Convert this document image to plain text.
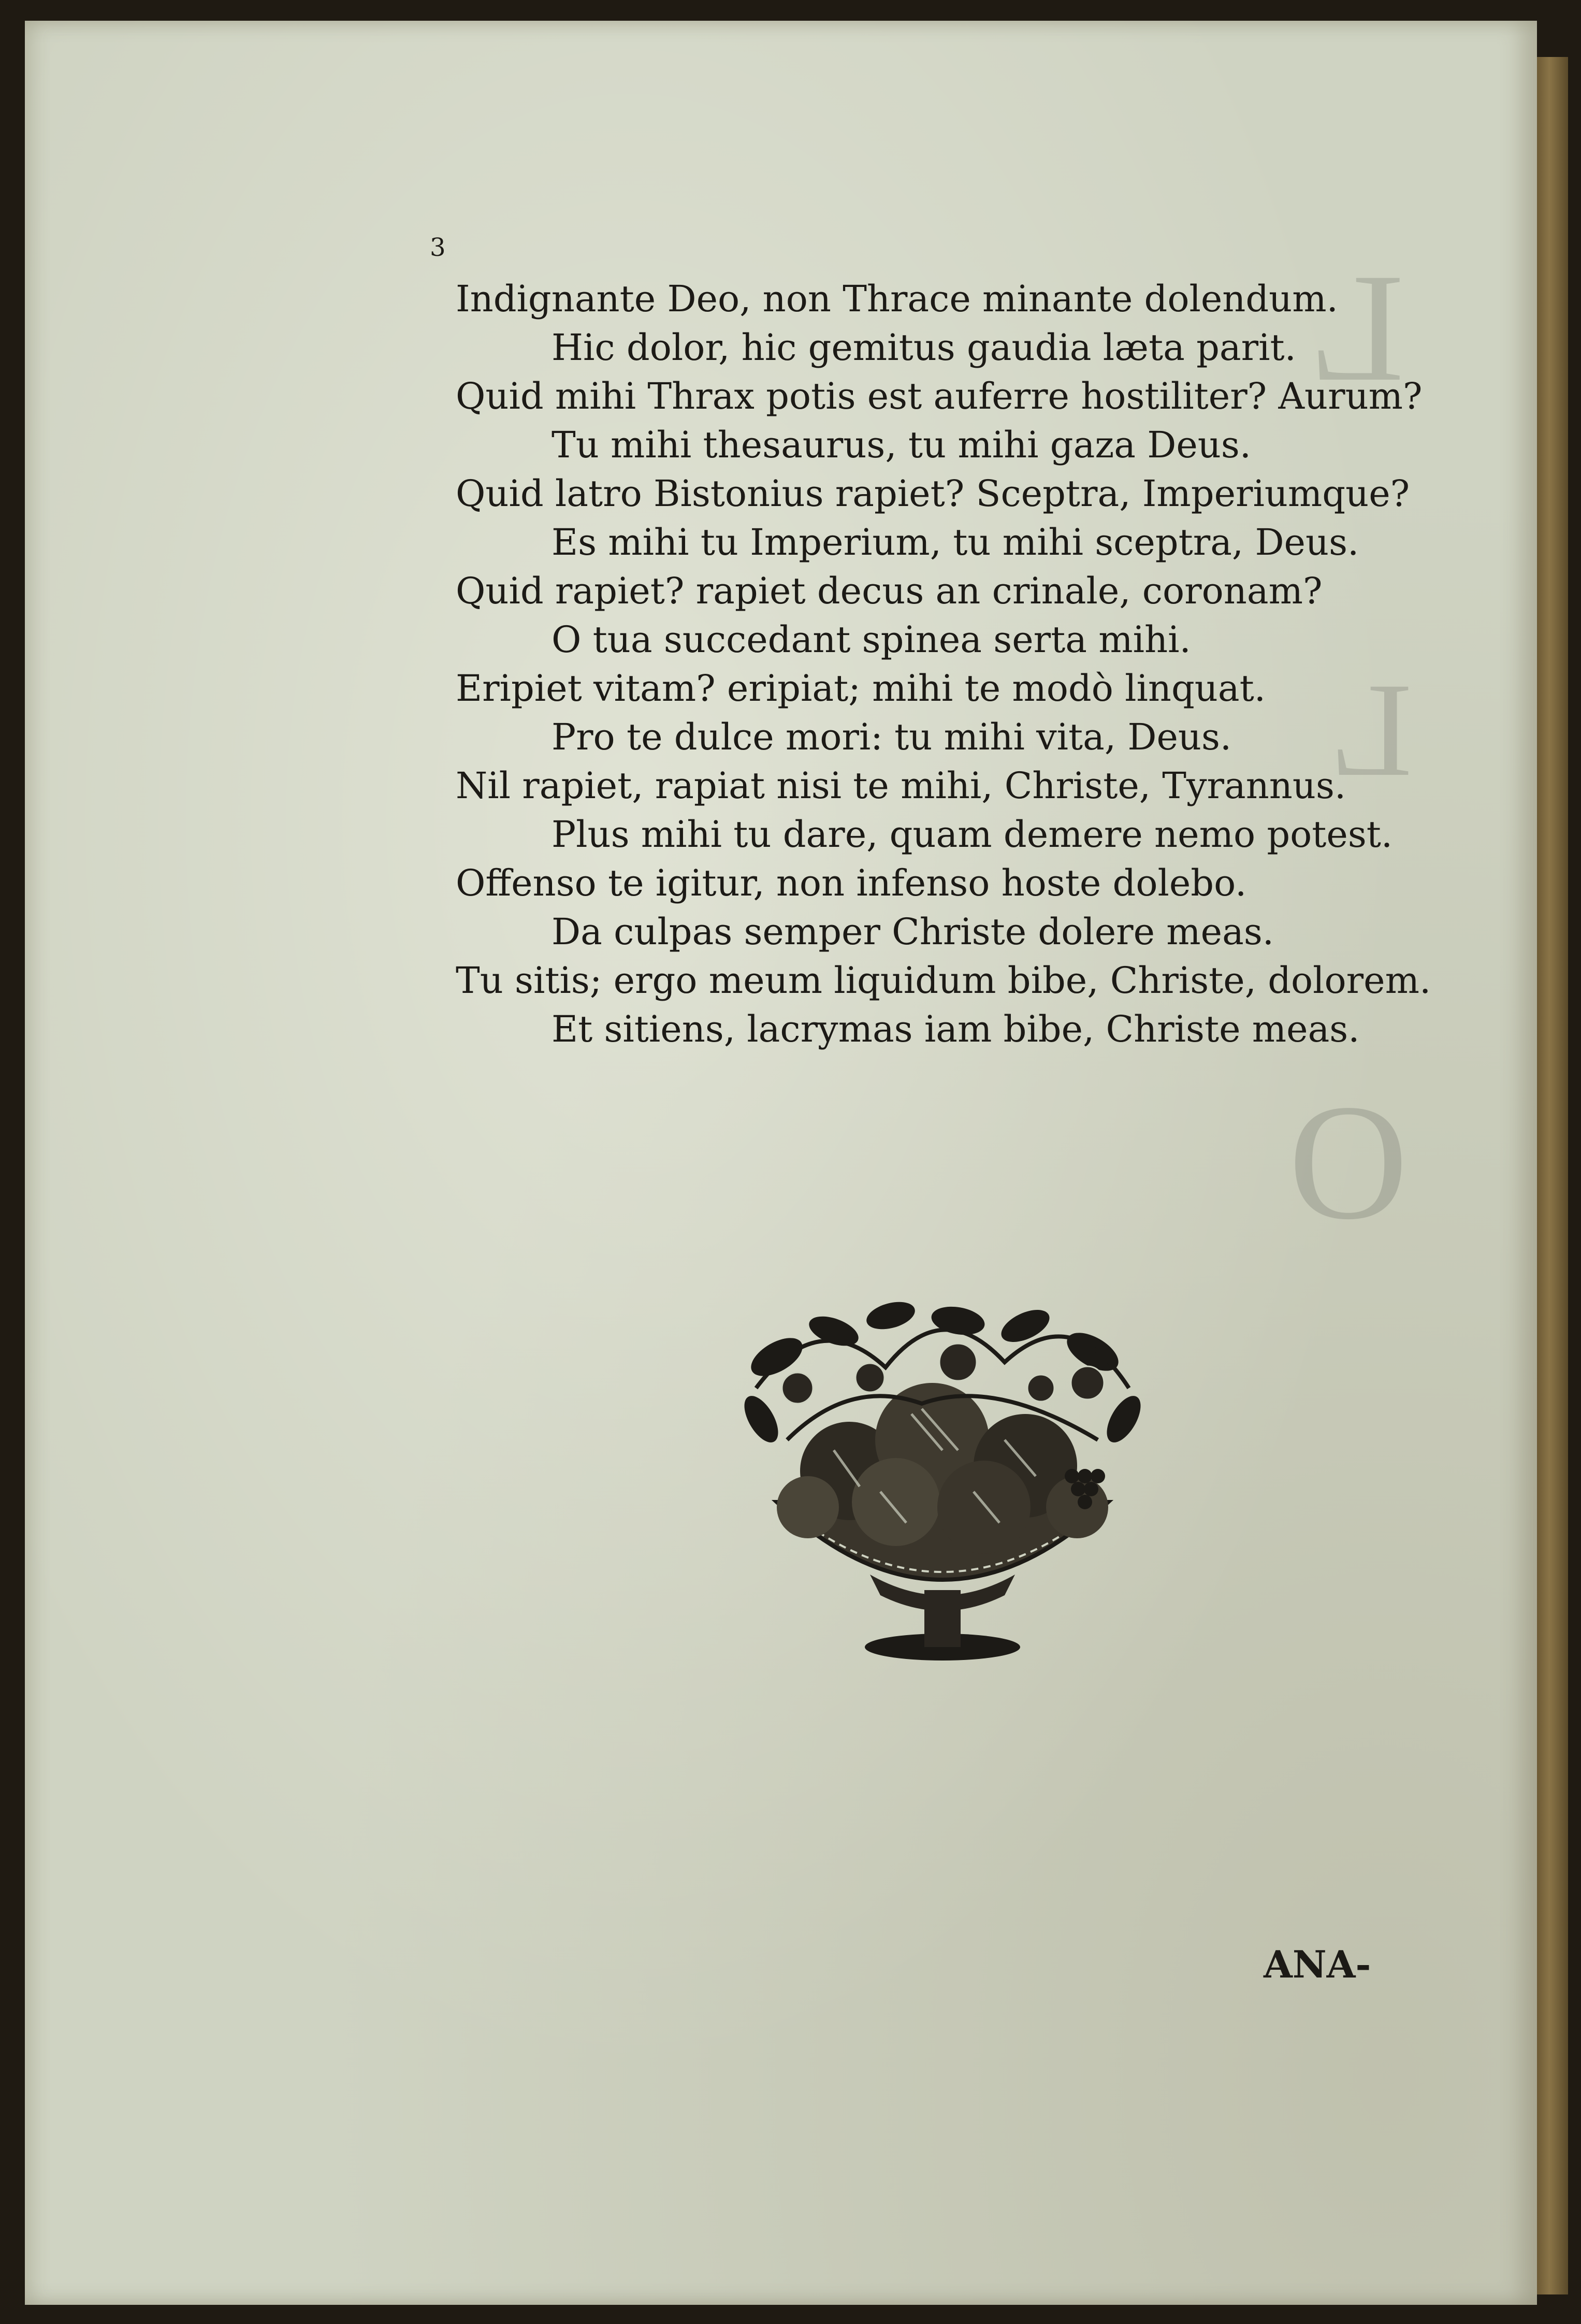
L
L
O
3
Indignante Deo, non Thrace minante dolendum.
Hic dolor, hic gemitus gaudia læta parit.
Quid mihi Thrax potis est auferre hostiliter? Aurum?
Tu mihi thesaurus, tu mihi gaza Deus.
Quid latro Bistonius rapiet? Sceptra, Imperiumque?
Es mihi tu Imperium, tu mihi sceptra, Deus.
Quid rapiet? rapiet decus an crinale, coronam?
O tua succedant spinea serta mihi.
Eripiet vitam? eripiat; mihi te modò linquat.
Pro te dulce mori: tu mihi vita, Deus.
Nil rapiet, rapiat nisi te mihi, Christe, Tyrannus.
Plus mihi tu dare, quam demere nemo potest.
Offenso te igitur, non infenso hoste dolebo.
Da culpas semper Christe dolere meas.
Tu sitis; ergo meum liquidum bibe, Christe, dolorem.
Et sitiens, lacrymas iam bibe, Christe meas.
ANA-
